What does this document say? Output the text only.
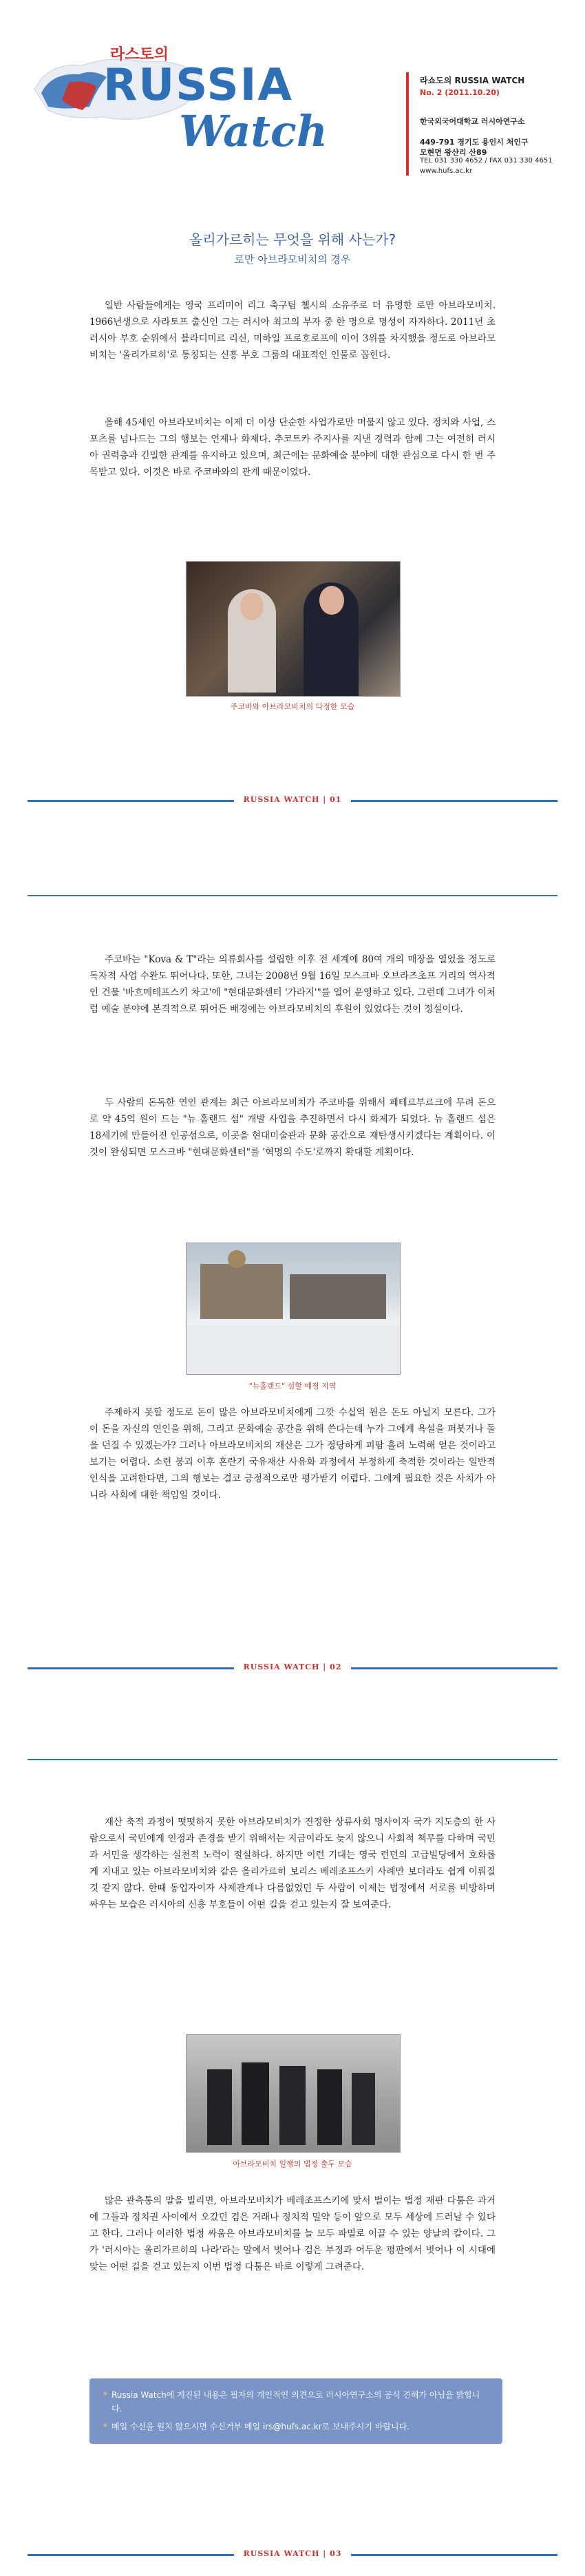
라스토의
RUSSIA
Watch
라쇼도의 RUSSIA WATCH
No. 2 (2011.10.20)
한국외국어대학교 러시아연구소
449-791 경기도 용인시 처인구
모현면 왕산리 산89
TEL 031 330 4652 / FAX 031 330 4651
www.hufs.ac.kr
올리가르히는 무엇을 위해 사는가?
로만 아브라모비치의 경우

일반 사람들에게는 영국 프리미어 리그 축구팀 첼시의 소유주로 더 유명한 로만 아브라모비치. 1966년생으로 사라토프 출신인 그는 러시아 최고의 부자 중 한 명으로 명성이 자자하다. 2011년 초 러시아 부호 순위에서 블라디미르 리신, 미하일 프로호로프에 이어 3위를 차지했을 정도로 아브라모비치는 '올리가르히'로 통칭되는 신흥 부호 그룹의 대표적인 인물로 꼽힌다.

올해 45세인 아브라모비치는 이제 더 이상 단순한 사업가로만 머물지 않고 있다. 정치와 사업, 스포츠를 넘나드는 그의 행보는 언제나 화제다. 추코트카 주지사를 지낸 경력과 함께 그는 여전히 러시아 권력층과 긴밀한 관계를 유지하고 있으며, 최근에는 문화예술 분야에 대한 관심으로 다시 한 번 주목받고 있다. 이것은 바로 주코바와의 관계 때문이었다.

주코바와 아브라모비치의 다정한 모습
RUSSIA WATCH | 01

주코바는 "Kova & T"라는 의류회사를 설립한 이후 전 세계에 80여 개의 매장을 열었을 정도로 독자적 사업 수완도 뛰어나다. 또한, 그녀는 2008년 9월 16일 모스크바 오브라즈초프 거리의 역사적인 건물 '바흐메테프스키 차고'에 "현대문화센터 '가라지'"를 열어 운영하고 있다. 그런데 그녀가 이처럼 예술 분야에 본격적으로 뛰어든 배경에는 아브라모비치의 후원이 있었다는 것이 정설이다.

두 사람의 돈독한 연인 관계는 최근 아브라모비치가 주코바를 위해서 페테르부르크에 무려 돈으로 약 45억 원이 드는 "뉴 홀랜드 섬" 개발 사업을 추진하면서 다시 화제가 되었다. 뉴 홀랜드 섬은 18세기에 만들어진 인공섬으로, 이곳을 현대미술관과 문화 공간으로 재탄생시키겠다는 계획이다. 이것이 완성되면 모스크바 "현대문화센터"를 '혁명의 수도'로까지 확대할 계획이다.

"뉴홀랜드" 섬할 예정 지역

주제하지 못할 정도로 돈이 많은 아브라모비치에게 그깟 수십억 원은 돈도 아닐지 모른다. 그가 이 돈을 자신의 연인을 위해, 그리고 문화예술 공간을 위해 쓴다는데 누가 그에게 욕설을 퍼붓거나 돌을 던질 수 있겠는가? 그러나 아브라모비치의 재산은 그가 정당하게 피땀 흘려 노력해 얻은 것이라고 보기는 어렵다. 소련 붕괴 이후 혼란기 국유재산 사유화 과정에서 부정하게 축적한 것이라는 일반적 인식을 고려한다면, 그의 행보는 결코 긍정적으로만 평가받기 어렵다. 그에게 필요한 것은 사치가 아니라 사회에 대한 책임일 것이다.

RUSSIA WATCH | 02

재산 축적 과정이 떳떳하지 못한 아브라모비치가 진정한 상류사회 명사이자 국가 지도층의 한 사람으로서 국민에게 인정과 존경을 받기 위해서는 지금이라도 늦지 않으니 사회적 책무를 다하며 국민과 서민을 생각하는 실천적 노력이 절실하다. 하지만 이런 기대는 영국 런던의 고급빌딩에서 호화롭게 지내고 있는 아브라모비치와 같은 올리가르히 보리스 베레조프스키 사례만 보더라도 쉽게 이뤄질 것 같지 않다. 한때 동업자이자 사제관계나 다름없었던 두 사람이 이제는 법정에서 서로를 비방하며 싸우는 모습은 러시아의 신흥 부호들이 어떤 길을 걷고 있는지 잘 보여준다.

아브라모비치 일행의 법정 출두 모습

많은 관측통의 말을 빌리면, 아브라모비치가 베레조프스키에 맞서 벌이는 법정 재판 다툼은 과거에 그들과 정치권 사이에서 오갔던 검은 거래나 정치적 밀약 등이 앞으로 모두 세상에 드러날 수 있다고 한다. 그러나 이러한 법정 싸움은 아브라모비치를 늘 모두 파멸로 이끌 수 있는 양날의 칼이다. 그가 '러시아는 올리가르히의 나라'라는 말에서 벗어나 검은 부정과 어두운 평판에서 벗어나 이 시대에 맞는 어떤 길을 걷고 있는지 이번 법정 다툼은 바로 이렇게 그려준다.

* Russia Watch에 게진된 내용은 필자의 개인적인 의견으로 러시아연구소의 공식 견해가 아님을 밝힙니다.
* 메일 수신을 원치 않으시면 수신거부 메일 irs@hufs.ac.kr로 보내주시기 바랍니다.
RUSSIA WATCH | 03
